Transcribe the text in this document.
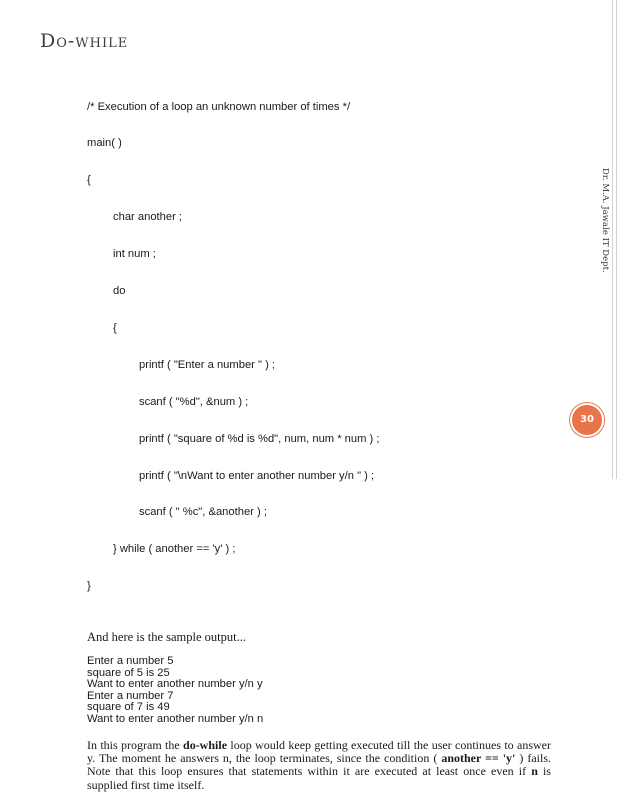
Do-while
Dr. M.A. Jawale IT Dept.
30

/* Execution of a loop an unknown number of times */

main( )

{

char another ;

int num ;

do

{

printf ( "Enter a number " ) ;

scanf ( "%d", &num ) ;

printf ( "square of %d is %d", num, num * num ) ;

printf ( "\nWant to enter another number y/n " ) ;

scanf ( " %c", &another ) ;

} while ( another == 'y' ) ;

}

And here is the sample output...
Enter a number 5
square of 5 is 25
Want to enter another number y/n y
Enter a number 7
square of 7 is 49
Want to enter another number y/n n
In this program the do-while loop would keep getting executed till the user continues to answer y. The moment he answers n, the loop terminates, since the condition ( another == 'y' ) fails. Note that this loop ensures that statements within it are executed at least once even if n is supplied first time itself.
